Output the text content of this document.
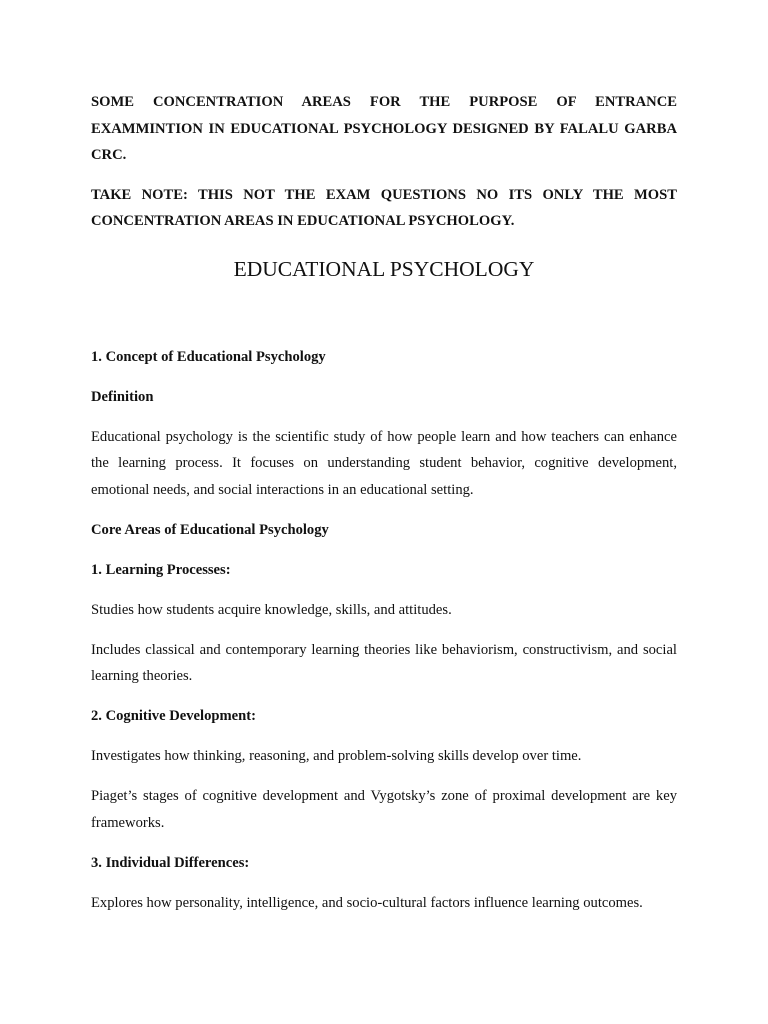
SOME CONCENTRATION AREAS FOR THE PURPOSE OF ENTRANCE EXAMMINTION IN EDUCATIONAL PSYCHOLOGY DESIGNED BY FALALU GARBA CRC.

TAKE NOTE: THIS NOT THE EXAM QUESTIONS NO ITS ONLY THE MOST CONCENTRATION AREAS IN EDUCATIONAL PSYCHOLOGY.

EDUCATIONAL PSYCHOLOGY

1. Concept of Educational Psychology

Definition

Educational psychology is the scientific study of how people learn and how teachers can enhance the learning process. It focuses on understanding student behavior, cognitive development, emotional needs, and social interactions in an educational setting.

Core Areas of Educational Psychology

1. Learning Processes:

Studies how students acquire knowledge, skills, and attitudes.

Includes classical and contemporary learning theories like behaviorism, constructivism, and social learning theories.

2. Cognitive Development:

Investigates how thinking, reasoning, and problem-solving skills develop over time.

Piaget’s stages of cognitive development and Vygotsky’s zone of proximal development are key frameworks.

3. Individual Differences:

Explores how personality, intelligence, and socio-cultural factors influence learning outcomes.
